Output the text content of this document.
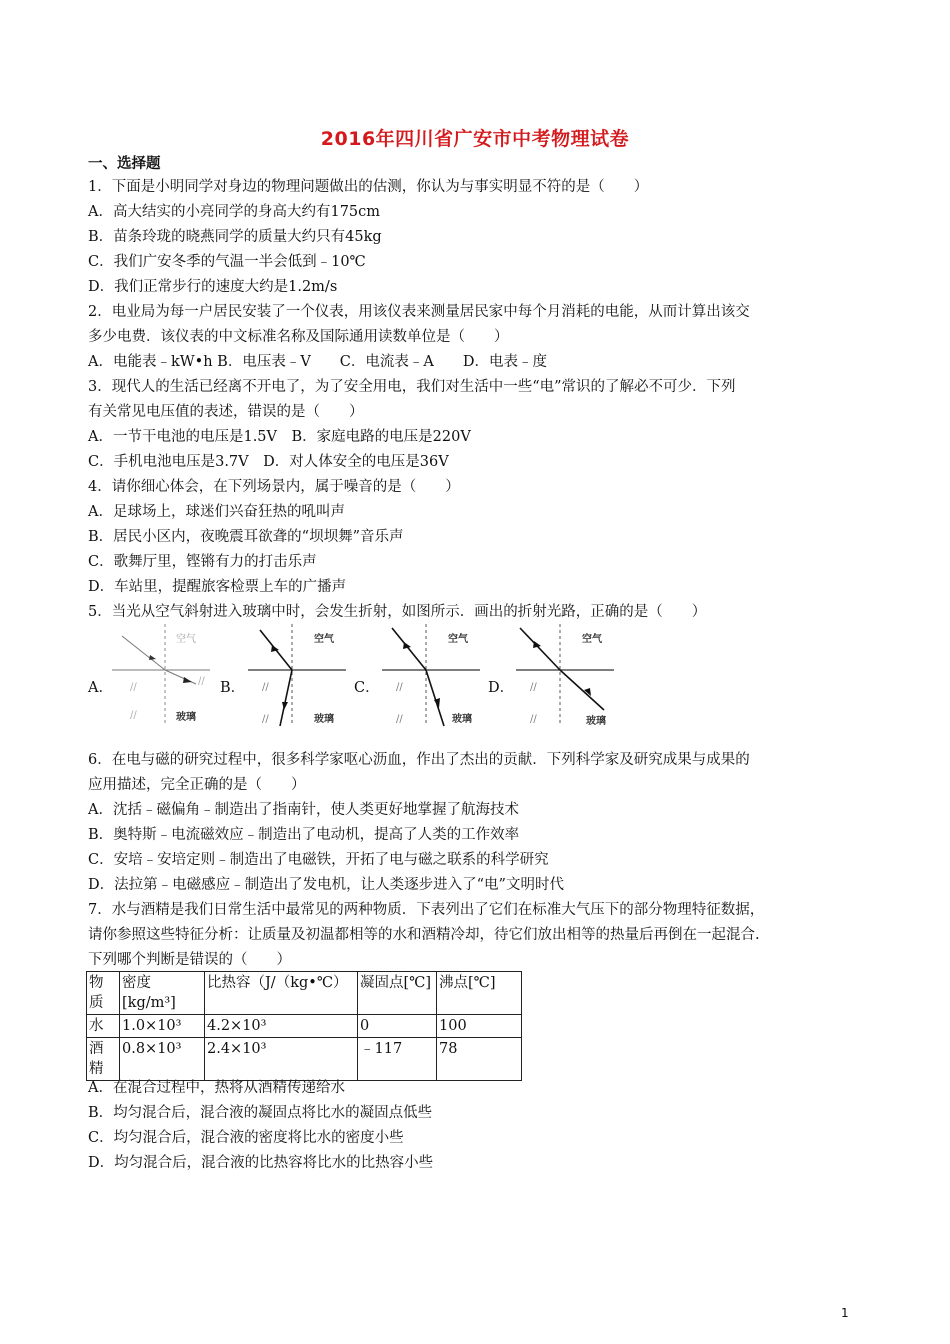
2016年四川省广安市中考物理试卷
一、选择题
1．下面是小明同学对身边的物理问题做出的估测，你认为与事实明显不符的是（　　）
A．高大结实的小亮同学的身高大约有175cm
B．苗条玲珑的晓燕同学的质量大约只有45kg
C．我们广安冬季的气温一半会低到﹣10℃
D．我们正常步行的速度大约是1.2m/s
2．电业局为每一户居民安装了一个仪表，用该仪表来测量居民家中每个月消耗的电能，从而计算出该交
多少电费．该仪表的中文标准名称及国际通用读数单位是（　　）
A．电能表﹣kW•h B．电压表﹣V　　C．电流表﹣A　　D．电表﹣度
3．现代人的生活已经离不开电了，为了安全用电，我们对生活中一些“电”常识的了解必不可少．下列
有关常见电压值的表述，错误的是（　　）
A．一节干电池的电压是1.5V　B．家庭电路的电压是220V
C．手机电池电压是3.7V　D．对人体安全的电压是36V
4．请你细心体会，在下列场景内，属于噪音的是（　　）
A．足球场上，球迷们兴奋狂热的吼叫声
B．居民小区内，夜晚震耳欲聋的“坝坝舞”音乐声
C．歌舞厅里，铿锵有力的打击乐声
D．车站里，提醒旅客检票上车的广播声
5．当光从空气斜射进入玻璃中时，会发生折射，如图所示．画出的折射光路，正确的是（　　）
6．在电与磁的研究过程中，很多科学家呕心沥血，作出了杰出的贡献．下列科学家及研究成果与成果的
应用描述，完全正确的是（　　）
A．沈括﹣磁偏角﹣制造出了指南针，使人类更好地掌握了航海技术
B．奥特斯﹣电流磁效应﹣制造出了电动机，提高了人类的工作效率
C．安培﹣安培定则﹣制造出了电磁铁，开拓了电与磁之联系的科学研究
D．法拉第﹣电磁感应﹣制造出了发电机，让人类逐步进入了“电”文明时代
7．水与酒精是我们日常生活中最常见的两种物质．下表列出了它们在标准大气压下的部分物理特征数据，
请你参照这些特征分析：让质量及初温都相等的水和酒精冷却，待它们放出相等的热量后再倒在一起混合.
下列哪个判断是错误的（　　）
A．在混合过程中，热将从酒精传递给水
B．均匀混合后，混合液的凝固点将比水的凝固点低些
C．均匀混合后，混合液的密度将比水的密度小些
D．均匀混合后，混合液的比热容将比水的比热容小些
A．	B．	C．	D．
空气
玻璃
//
//
//
空气
玻璃
//
//
空气
玻璃
//
//
空气
玻璃
//
//
物质	密度[kg/m³]	比热容（J/（kg•℃）	凝固点[℃]	沸点[℃]
水	1.0×10³	4.2×10³	0	100
酒精	0.8×10³	2.4×10³	﹣117	78
1
